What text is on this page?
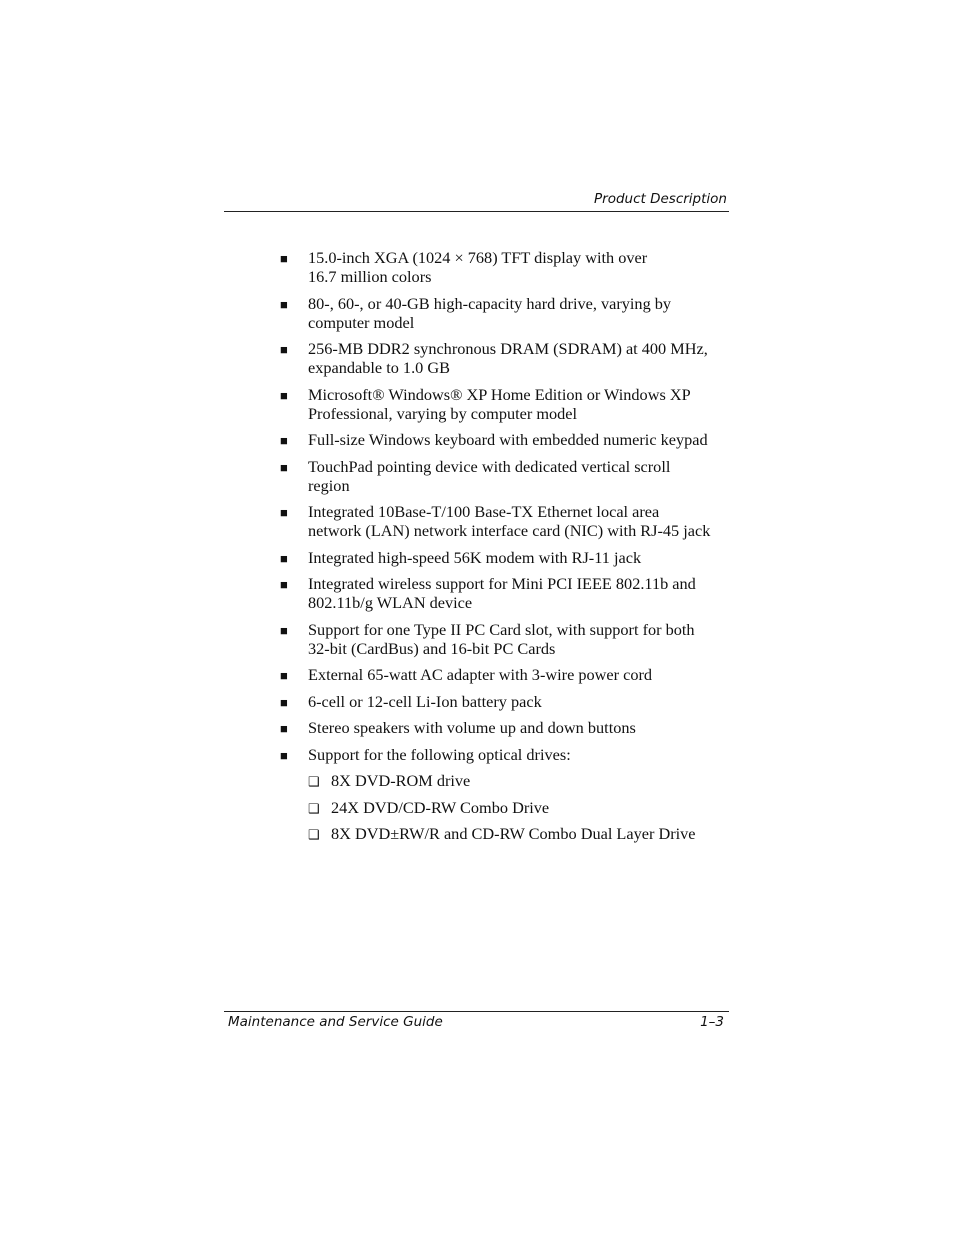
Product Description
■ 15.0-inch XGA (1024 × 768) TFT display with over
16.7 million colors
■ 80-, 60-, or 40-GB high-capacity hard drive, varying by
computer model
■ 256-MB DDR2 synchronous DRAM (SDRAM) at 400 MHz,
expandable to 1.0 GB
■ Microsoft® Windows® XP Home Edition or Windows XP
Professional, varying by computer model
■ Full-size Windows keyboard with embedded numeric keypad
■ TouchPad pointing device with dedicated vertical scroll
region
■ Integrated 10Base-T/100 Base-TX Ethernet local area
network (LAN) network interface card (NIC) with RJ-45 jack
■ Integrated high-speed 56K modem with RJ-11 jack
■ Integrated wireless support for Mini PCI IEEE 802.11b and
802.11b/g WLAN device
■ Support for one Type II PC Card slot, with support for both
32-bit (CardBus) and 16-bit PC Cards
■ External 65-watt AC adapter with 3-wire power cord
■ 6-cell or 12-cell Li-Ion battery pack
■ Stereo speakers with volume up and down buttons
■ Support for the following optical drives:
❑ 8X DVD-ROM drive
❑ 24X DVD/CD-RW Combo Drive
❑ 8X DVD±RW/R and CD-RW Combo Dual Layer Drive
Maintenance and Service Guide	1–3
